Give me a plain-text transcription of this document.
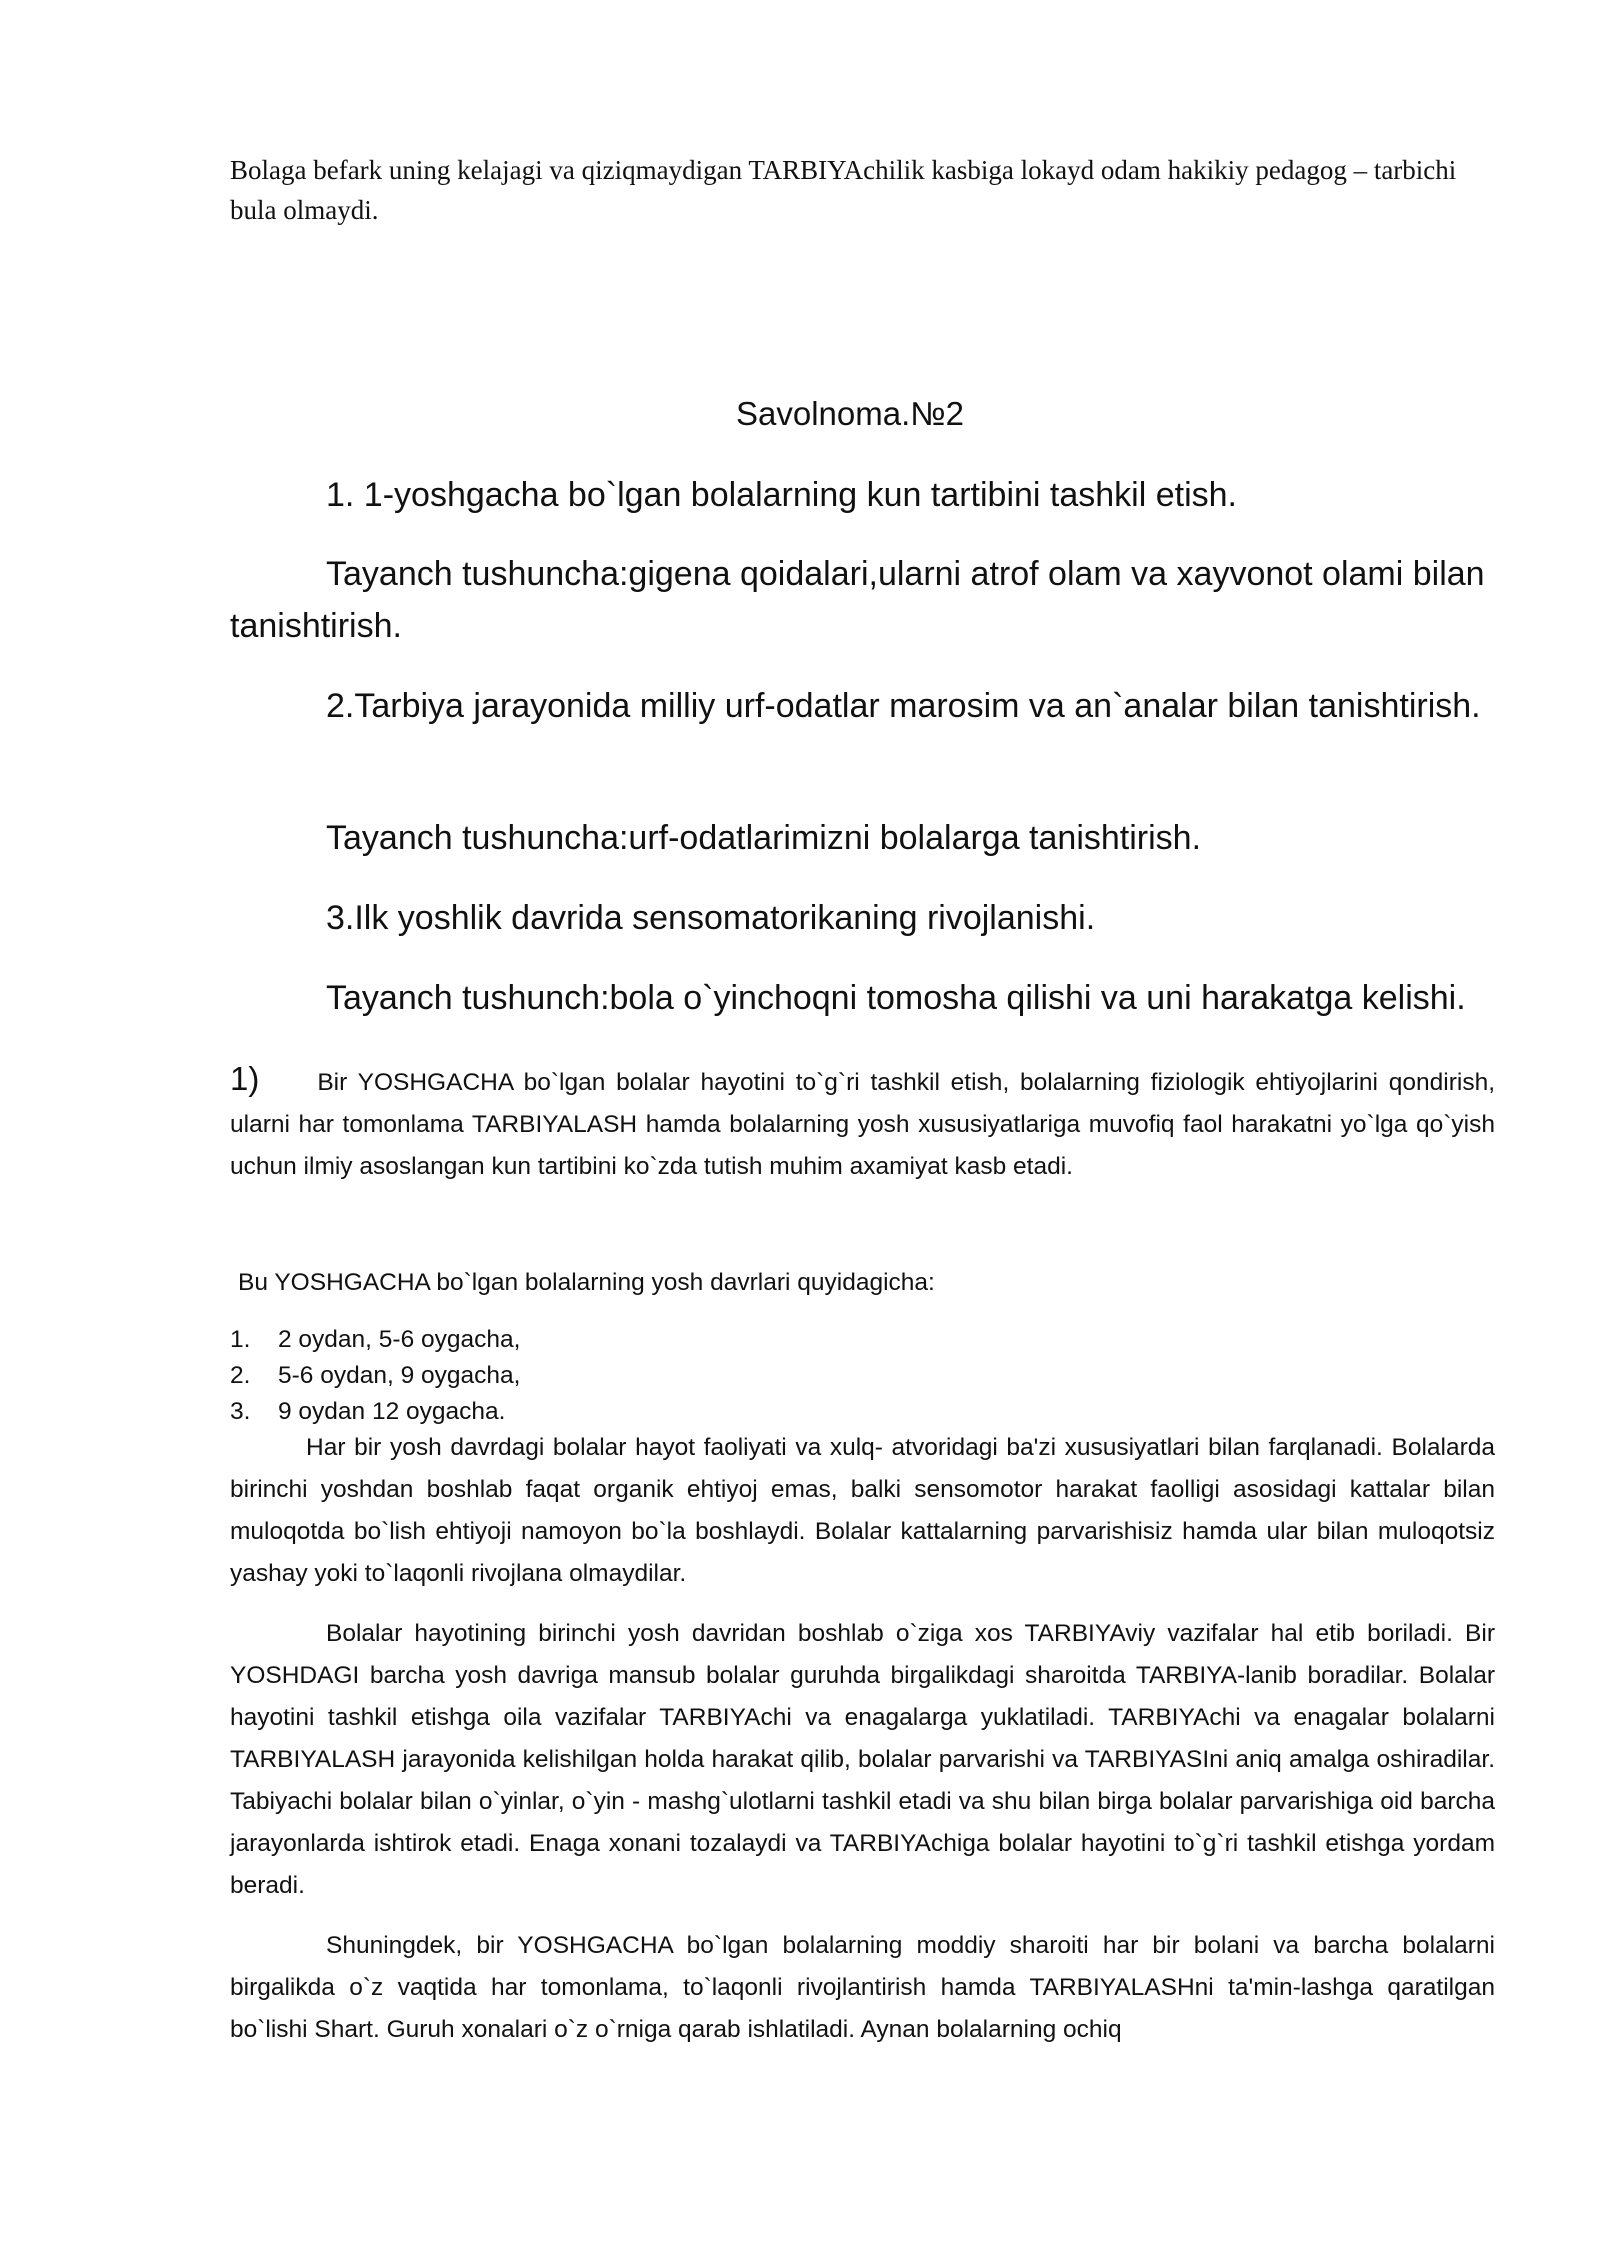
Bolaga befark uning kelajagi va qiziqmaydigan TARBIYAchilik kasbiga lokayd odam hakikiy pedagog – tarbichi bula olmaydi.
Savolnoma.№2
1. 1-yoshgacha bo`lgan bolalarning kun tartibini tashkil etish.
Tayanch tushuncha:gigena qoidalari,ularni atrof olam va xayvonot olami bilan tanishtirish.
2.Tarbiya jarayonida milliy urf-odatlar marosim va an`analar bilan tanishtirish.
Tayanch tushuncha:urf-odatlarimizni bolalarga tanishtirish.
3.Ilk yoshlik davrida sensomatorikaning rivojlanishi.
Tayanch tushunch:bola o`yinchoqni tomosha qilishi va uni harakatga kelishi.
1) Bir YOSHGACHA bo`lgan bolalar hayotini to`g`ri tashkil etish, bolalarning fiziologik ehtiyojlarini qondirish, ularni har tomonlama TARBIYALASH hamda bolalarning yosh xususiyatlariga muvofiq faol harakatni yo`lga qo`yish uchun ilmiy asoslangan kun tartibini ko`zda tutish muhim axamiyat kasb etadi.
Bu YOSHGACHA bo`lgan bolalarning yosh davrlari quyidagicha:
1.	2 oydan, 5-6 oygacha,
2.	5-6 oydan, 9 oygacha,
3.	9 oydan 12 oygacha.
Har bir yosh davrdagi bolalar hayot faoliyati va xulq- atvoridagi ba'zi xususiyatlari bilan farqlanadi. Bolalarda birinchi yoshdan boshlab faqat organik ehtiyoj emas, balki sensomotor harakat faolligi asosidagi kattalar bilan muloqotda bo`lish ehtiyoji namoyon bo`la boshlaydi. Bolalar kattalarning parvarishisiz hamda ular bilan muloqotsiz yashay yoki to`laqonli rivojlana olmaydilar.
Bolalar hayotining birinchi yosh davridan boshlab o`ziga xos TARBIYAviy vazifalar hal etib boriladi. Bir YOSHDAGI barcha yosh davriga mansub bolalar guruhda birgalikdagi sharoitda TARBIYA-lanib boradilar. Bolalar hayotini tashkil etishga oila vazifalar TARBIYAchi va enagalarga yuklatiladi. TARBIYAchi va enagalar bolalarni TARBIYALASH jarayonida kelishilgan holda harakat qilib, bolalar parvarishi va TARBIYASIni aniq amalga oshiradilar. Tabiyachi bolalar bilan o`yinlar, o`yin - mashg`ulotlarni tashkil etadi va shu bilan birga bolalar parvarishiga oid barcha jarayonlarda ishtirok etadi. Enaga xonani tozalaydi va TARBIYAchiga bolalar hayotini to`g`ri tashkil etishga yordam beradi.
Shuningdek, bir YOSHGACHA bo`lgan bolalarning moddiy sharoiti har bir bolani va barcha bolalarni birgalikda o`z vaqtida har tomonlama, to`laqonli rivojlantirish hamda TARBIYALASHni ta'min-lashga qaratilgan bo`lishi Shart. Guruh xonalari o`z o`rniga qarab ishlatiladi. Aynan bolalarning ochiq
